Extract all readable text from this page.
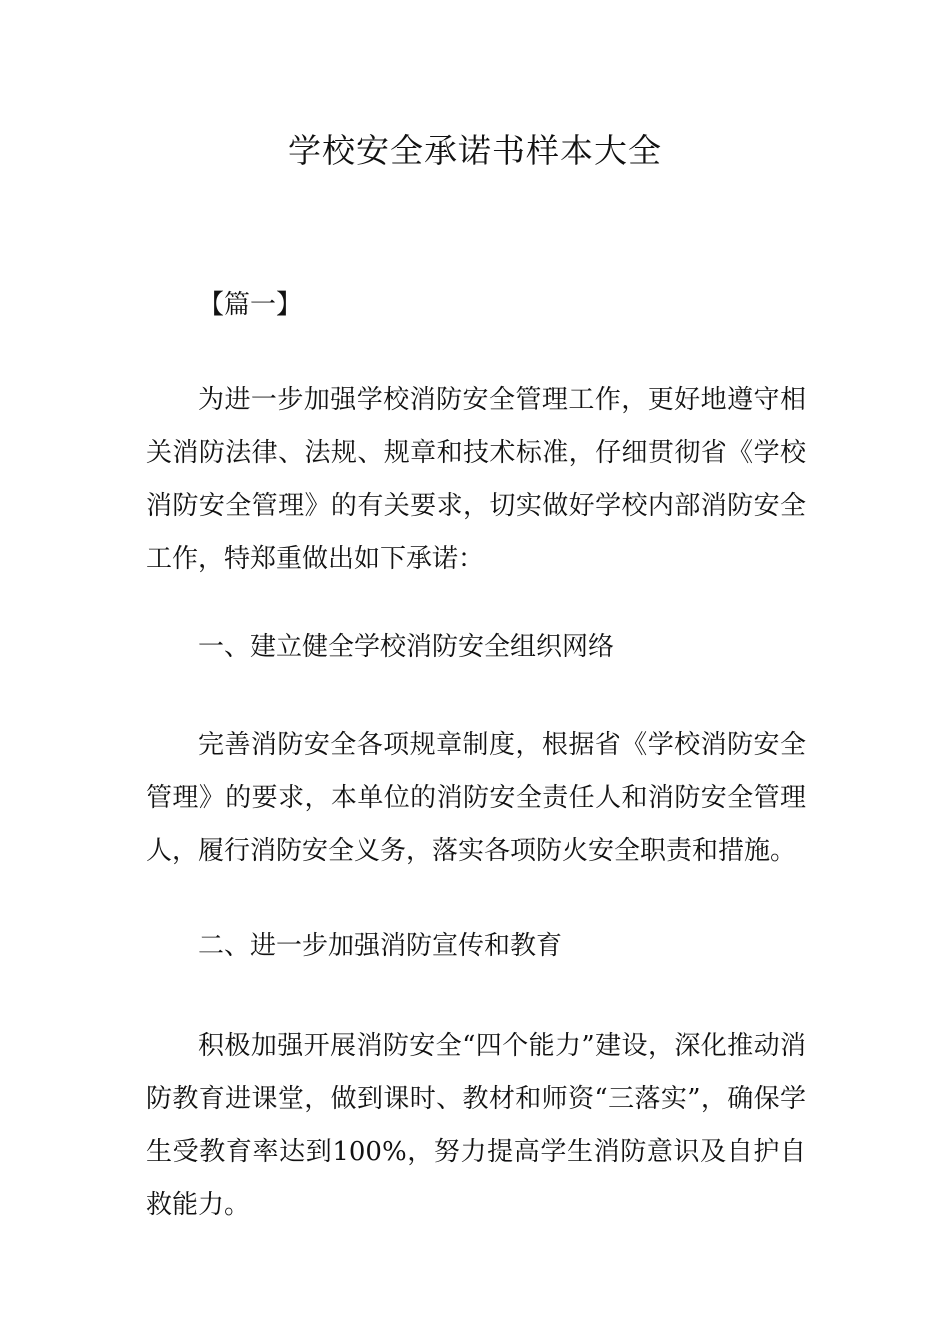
学校安全承诺书样本大全

【篇一】

为进一步加强学校消防安全管理工作，更好地遵守相关消防法律、法规、规章和技术标准，仔细贯彻省《学校消防安全管理》的有关要求，切实做好学校内部消防安全工作，特郑重做出如下承诺：

一、建立健全学校消防安全组织网络

完善消防安全各项规章制度，根据省《学校消防安全管理》的要求，本单位的消防安全责任人和消防安全管理人，履行消防安全义务，落实各项防火安全职责和措施。

二、进一步加强消防宣传和教育

积极加强开展消防安全“四个能力”建设，深化推动消防教育进课堂，做到课时、教材和师资“三落实”，确保学生受教育率达到100%，努力提高学生消防意识及自护自救能力。
